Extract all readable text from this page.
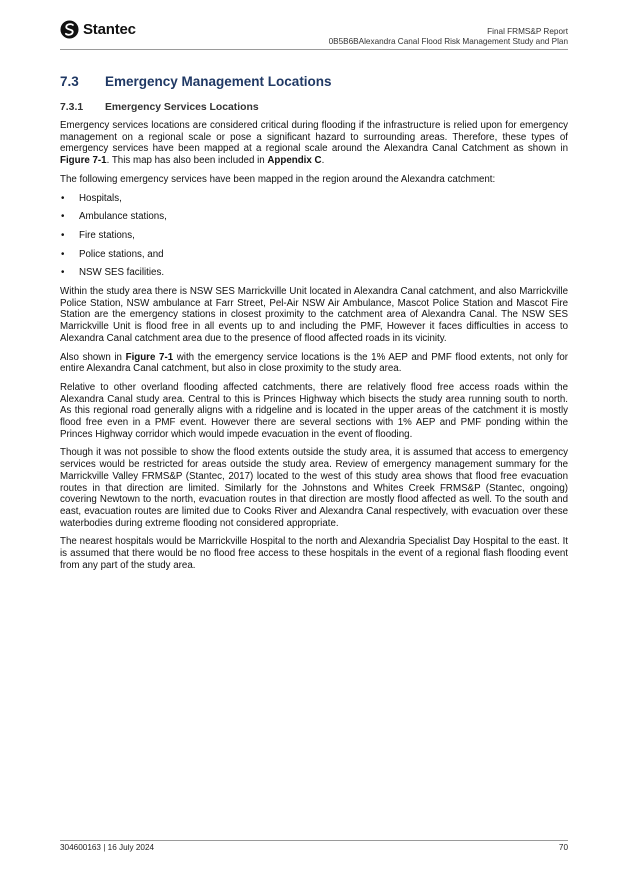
Stantec	Final FRMS&P Report
0B5B6BAlexandra Canal Flood Risk Management Study and Plan
7.3	Emergency Management Locations
7.3.1	Emergency Services Locations

Emergency services locations are considered critical during flooding if the infrastructure is relied upon for emergency management on a regional scale or pose a significant hazard to surrounding areas. Therefore, these types of emergency services have been mapped at a regional scale around the Alexandra Canal Catchment as shown in Figure 7-1. This map has also been included in Appendix C.

The following emergency services have been mapped in the region around the Alexandra catchment:

• Hospitals,
• Ambulance stations,
• Fire stations,
• Police stations, and
• NSW SES facilities.

Within the study area there is NSW SES Marrickville Unit located in Alexandra Canal catchment, and also Marrickville Police Station, NSW ambulance at Farr Street, Pel-Air NSW Air Ambulance, Mascot Police Station and Mascot Fire Station are the emergency stations in closest proximity to the catchment area of Alexandra Canal. The NSW SES Marrickville Unit is flood free in all events up to and including the PMF, However it faces difficulties in access to Alexandra Canal catchment area due to the presence of flood affected roads in its vicinity.

Also shown in Figure 7-1 with the emergency service locations is the 1% AEP and PMF flood extents, not only for entire Alexandra Canal catchment, but also in close proximity to the study area.

Relative to other overland flooding affected catchments, there are relatively flood free access roads within the Alexandra Canal study area. Central to this is Princes Highway which bisects the study area running south to north. As this regional road generally aligns with a ridgeline and is located in the upper areas of the catchment it is mostly flood free even in a PMF event. However there are several sections with 1% AEP and PMF ponding within the Princes Highway corridor which would impede evacuation in the event of flooding.

Though it was not possible to show the flood extents outside the study area, it is assumed that access to emergency services would be restricted for areas outside the study area. Review of emergency management summary for the Marrickville Valley FRMS&P (Stantec, 2017) located to the west of this study area shows that flood free evacuation routes in that direction are limited. Similarly for the Johnstons and Whites Creek FRMS&P (Stantec, ongoing) covering Newtown to the north, evacuation routes in that direction are mostly flood affected as well. To the south and east, evacuation routes are limited due to Cooks River and Alexandra Canal respectively, with evacuation over these waterbodies during extreme flooding not considered appropriate.

The nearest hospitals would be Marrickville Hospital to the north and Alexandria Specialist Day Hospital to the east. It is assumed that there would be no flood free access to these hospitals in the event of a regional flash flooding event from any part of the study area.

304600163 | 16 July 2024	70
